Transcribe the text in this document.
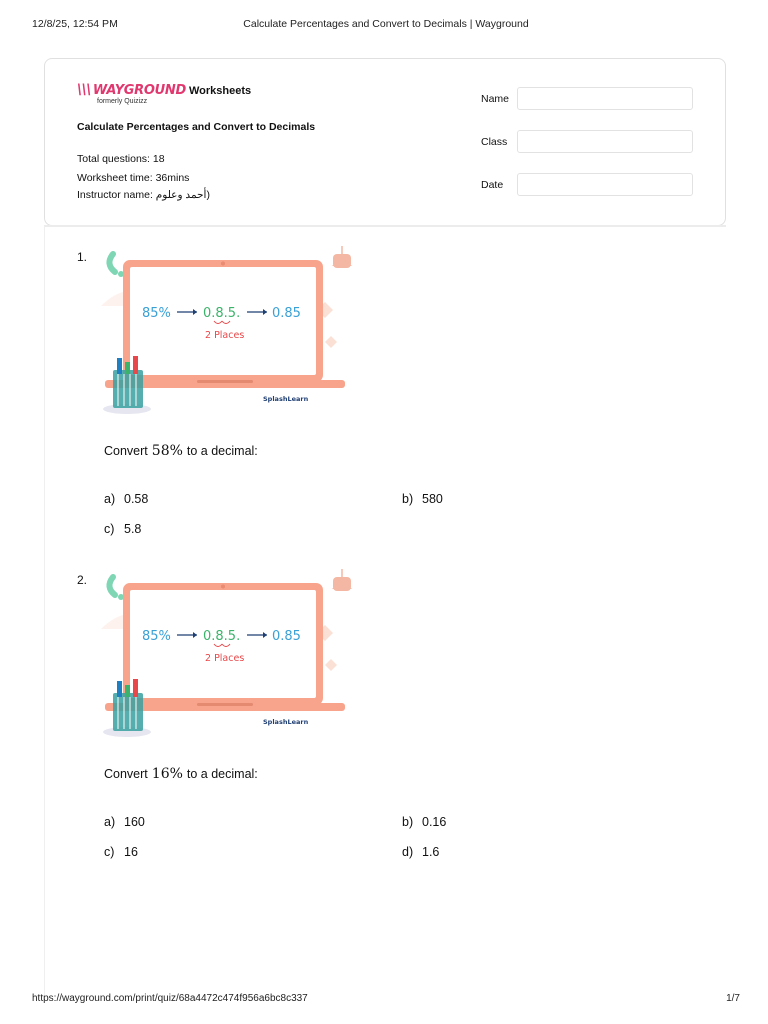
12/8/25, 12:54 PM	Calculate Percentages and Convert to Decimals | Wayground
\\\ WAYGROUND
formerly Quizizz
Worksheets
Calculate Percentages and Convert to Decimals
Total questions: 18
Worksheet time: 36mins
Instructor name: أحمد وعلوم)
Name
Class
Date
1.
85% 0.8.5. 0.85
2 Places
SplashLearn
Convert 58% to a decimal:
a) 0.58	b) 580
c) 5.8
2.
85% 0.8.5. 0.85
2 Places
SplashLearn
Convert 16% to a decimal:
a) 160	b) 0.16
c) 16	d) 1.6
https://wayground.com/print/quiz/68a4472c474f956a6bc8c337	1/7
